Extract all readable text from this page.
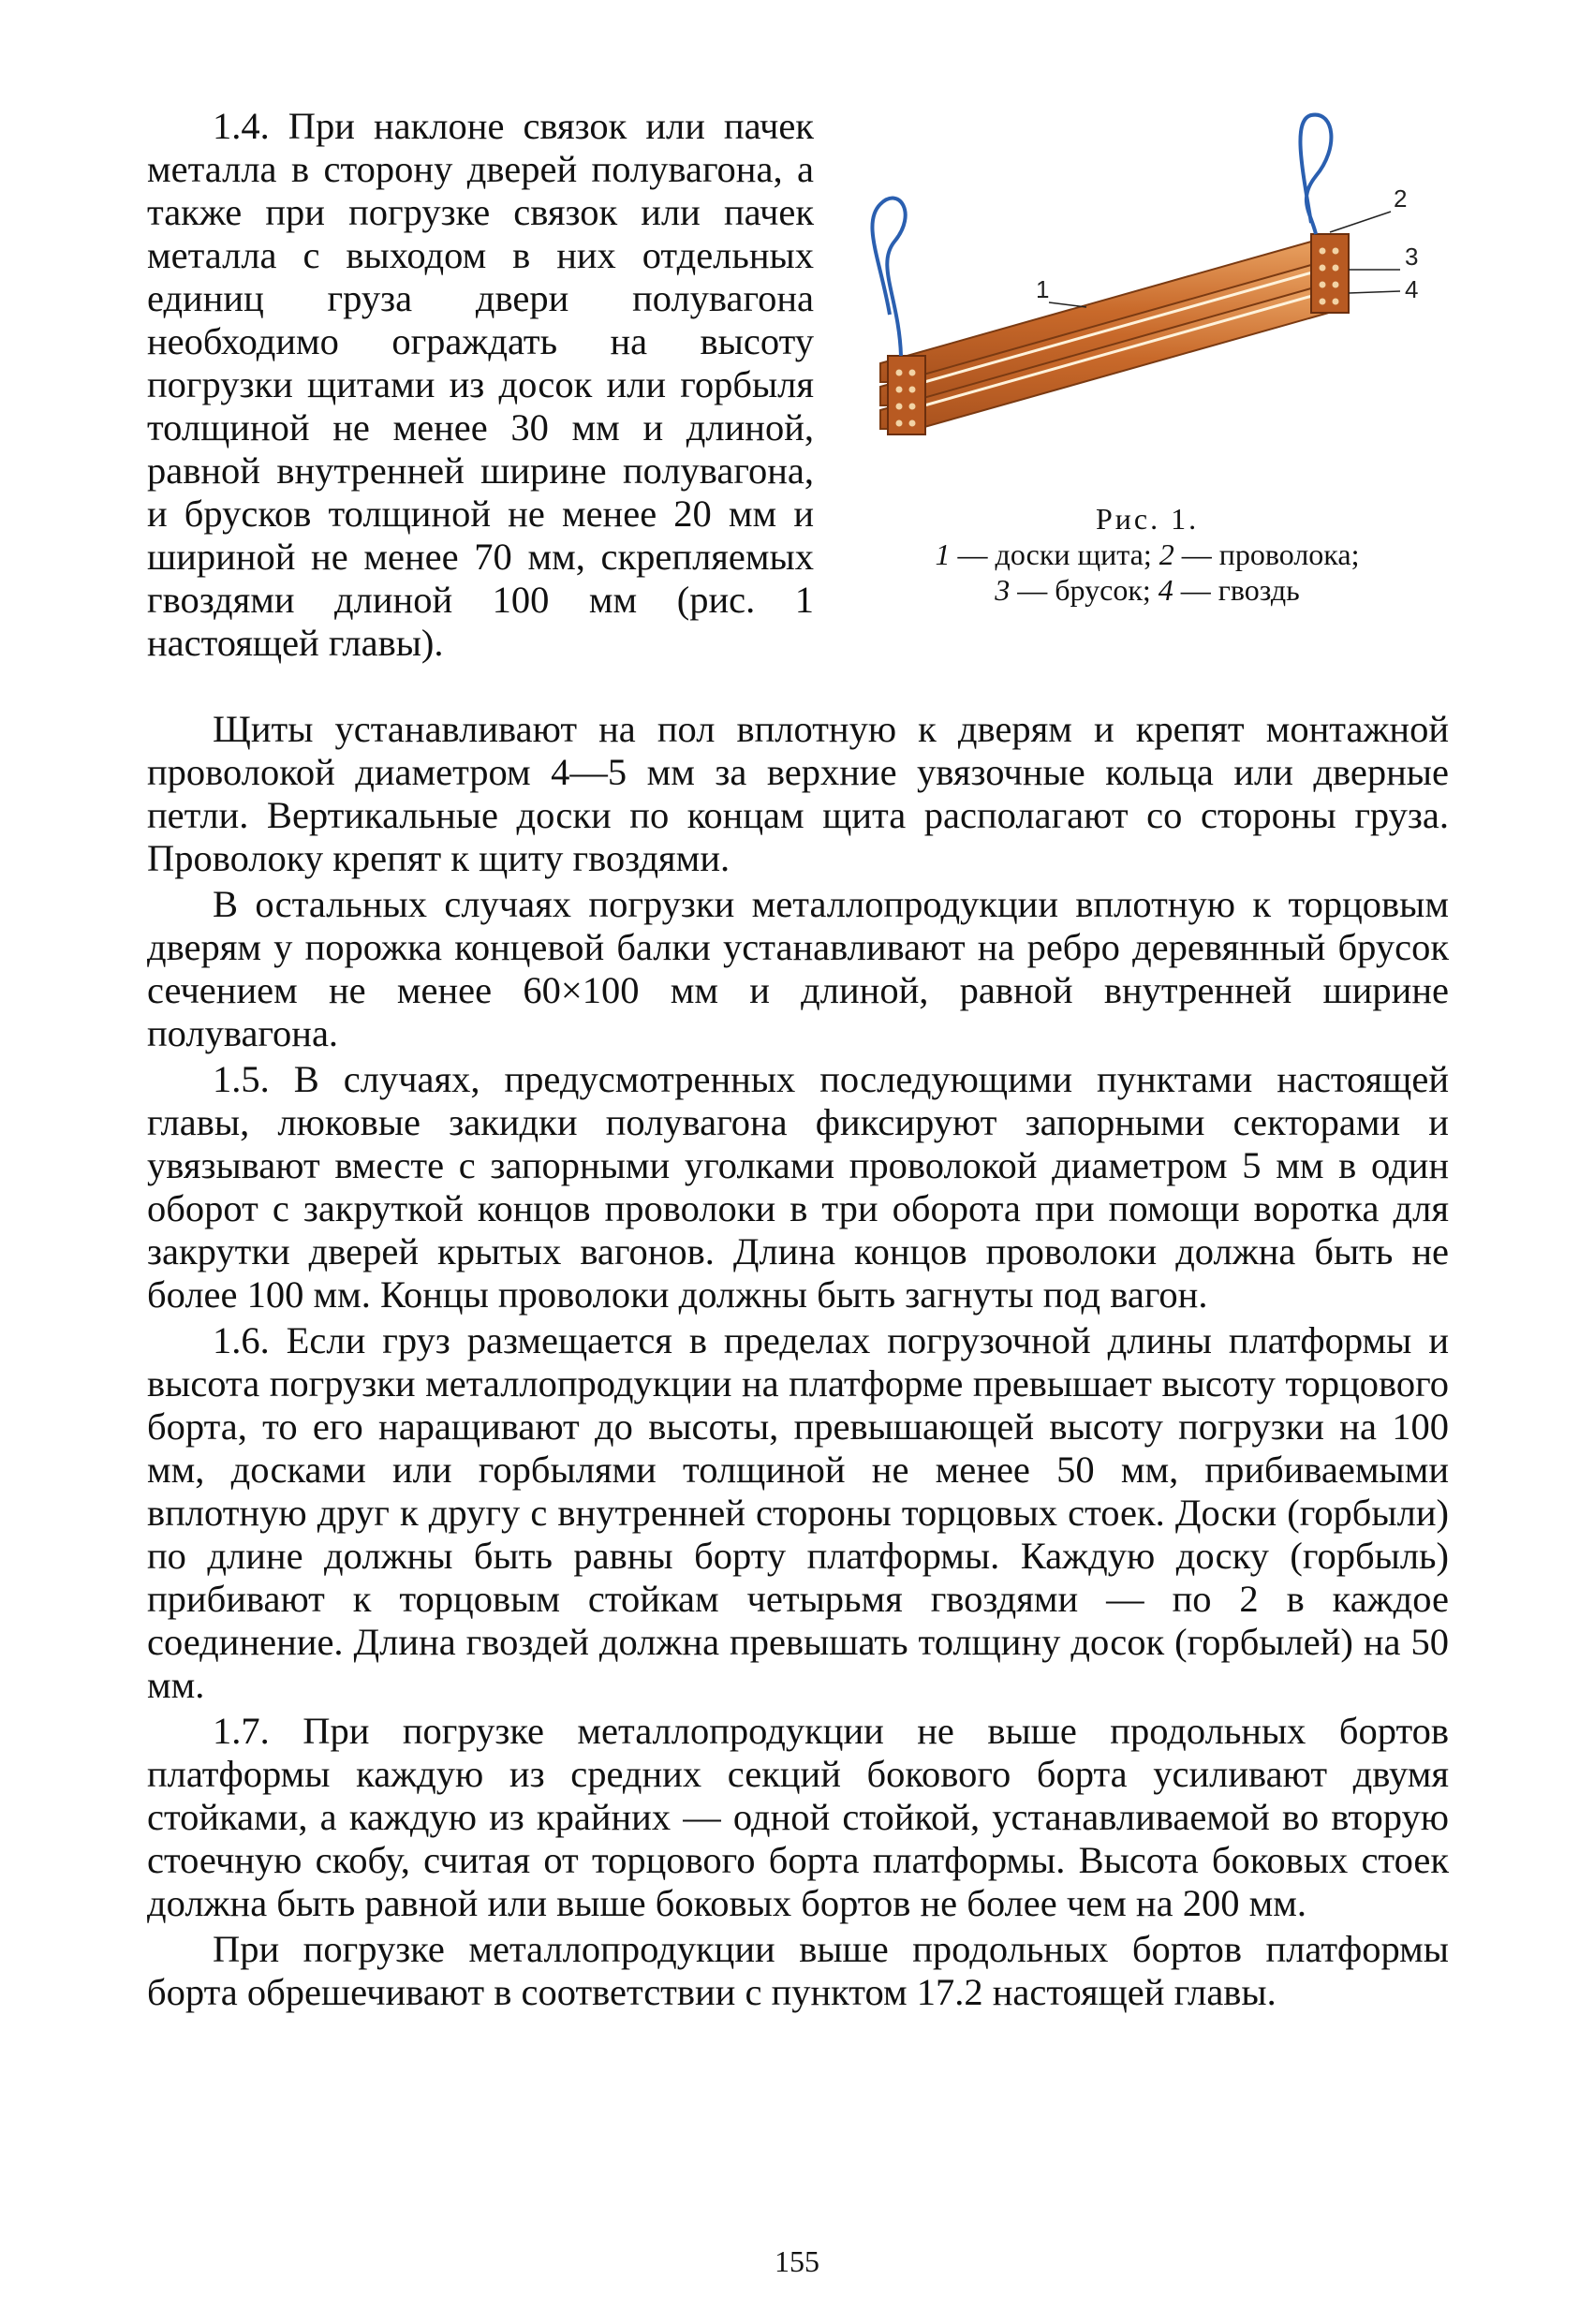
1.4. При наклоне связок или пачек металла в сторону дверей полувагона, а также при погрузке связок или пачек металла с выходом в них отдельных единиц груза двери полувагона необходимо ограждать на высоту погрузки щитами из досок или горбыля толщиной не менее 30 мм и длиной, равной внутренней ширине полувагона, и брусков толщиной не менее 20 мм и шириной не менее 70 мм, скрепляемых гвоздями длиной 100 мм (рис. 1 настоящей главы).

1
2
3
4
Рис. 1.
1 — доски щита; 2 — проволока;
3 — брусок; 4 — гвоздь

Щиты устанавливают на пол вплотную к дверям и крепят монтажной проволокой диаметром 4—5 мм за верхние увязочные кольца или дверные петли. Вертикальные доски по концам щита располагают со стороны груза. Проволоку крепят к щиту гвоздями.

В остальных случаях погрузки металлопродукции вплотную к торцовым дверям у порожка концевой балки устанавливают на ребро деревянный брусок сечением не менее 60×100 мм и длиной, равной внутренней ширине полувагона.

1.5. В случаях, предусмотренных последующими пунктами настоящей главы, люковые закидки полувагона фиксируют запорными секторами и увязывают вместе с запорными уголками проволокой диаметром 5 мм в один оборот с закруткой концов проволоки в три оборота при помощи воротка для закрутки дверей крытых вагонов. Длина концов проволоки должна быть не более 100 мм. Концы проволоки должны быть загнуты под вагон.

1.6. Если груз размещается в пределах погрузочной длины платформы и высота погрузки металлопродукции на платформе превышает высоту торцового борта, то его наращивают до высоты, превышающей высоту погрузки на 100 мм, досками или горбылями толщиной не менее 50 мм, прибиваемыми вплотную друг к другу с внутренней стороны торцовых стоек. Доски (горбыли) по длине должны быть равны борту платформы. Каждую доску (горбыль) прибивают к торцовым стойкам четырьмя гвоздями — по 2 в каждое соединение. Длина гвоздей должна превышать толщину досок (горбылей) на 50 мм.

1.7. При погрузке металлопродукции не выше продольных бортов платформы каждую из средних секций бокового борта усиливают двумя стойками, а каждую из крайних — одной стойкой, устанавливаемой во вторую стоечную скобу, считая от торцового борта платформы. Высота боковых стоек должна быть равной или выше боковых бортов не более чем на 200 мм.

При погрузке металлопродукции выше продольных бортов платформы борта обрешечивают в соответствии с пунктом 17.2 настоящей главы.

155
